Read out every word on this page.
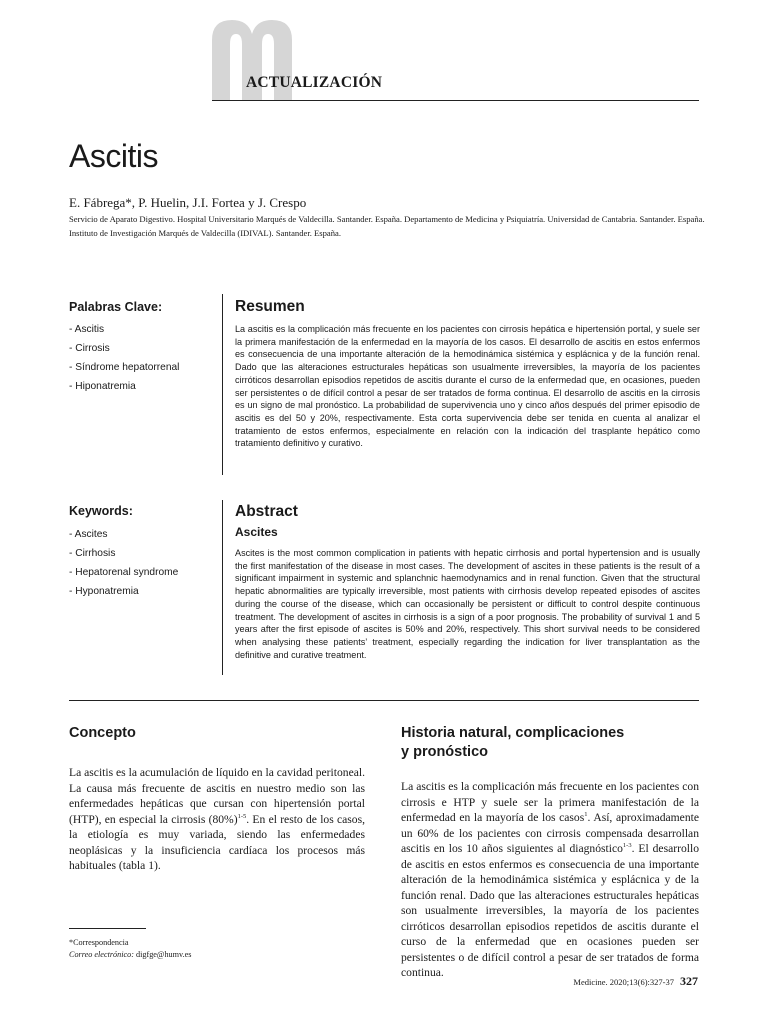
ACTUALIZACIÓN
Ascitis
E. Fábrega*, P. Huelin, J.I. Fortea y J. Crespo
Servicio de Aparato Digestivo. Hospital Universitario Marqués de Valdecilla. Santander. España. Departamento de Medicina y Psiquiatría. Universidad de Cantabria. Santander. España. Instituto de Investigación Marqués de Valdecilla (IDIVAL). Santander. España.
Palabras Clave:
- Ascitis
- Cirrosis
- Síndrome hepatorrenal
- Hiponatremia
Resumen

La ascitis es la complicación más frecuente en los pacientes con cirrosis hepática e hipertensión portal, y suele ser la primera manifestación de la enfermedad en la mayoría de los casos. El desarrollo de ascitis en estos enfermos es consecuencia de una importante alteración de la hemodinámica sistémica y esplácnica y de la función renal. Dado que las alteraciones estructurales hepáticas son usualmente irreversibles, la mayoría de los pacientes cirróticos desarrollan episodios repetidos de ascitis durante el curso de la enfermedad que, en ocasiones, pueden ser persistentes o de difícil control a pesar de ser tratados de forma continua. El desarrollo de ascitis en la cirrosis es un signo de mal pronóstico. La probabilidad de supervivencia uno y cinco años después del primer episodio de ascitis es del 50 y 20%, respectivamente. Esta corta supervivencia debe ser tenida en cuenta al analizar el tratamiento de estos enfermos, especialmente en relación con la indicación del trasplante hepático como tratamiento definitivo y curativo.

Keywords:
- Ascites
- Cirrhosis
- Hepatorenal syndrome
- Hyponatremia
Abstract
Ascites

Ascites is the most common complication in patients with hepatic cirrhosis and portal hypertension and is usually the first manifestation of the disease in most cases. The development of ascites in these patients is the result of a significant impairment in systemic and splanchnic haemodynamics and in renal function. Given that the structural hepatic abnormalities are typically irreversible, most patients with cirrhosis develop repeated episodes of ascites during the course of the disease, which can occasionally be persistent or difficult to control despite continuous treatment. The development of ascites in cirrhosis is a sign of a poor prognosis. The probability of survival 1 and 5 years after the first episode of ascites is 50% and 20%, respectively. This short survival needs to be considered when analysing these patients’ treatment, especially regarding the indication for liver transplantation as the definitive and curative treatment.

Concepto

La ascitis es la acumulación de líquido en la cavidad peritoneal. La causa más frecuente de ascitis en nuestro medio son las enfermedades hepáticas que cursan con hipertensión portal (HTP), en especial la cirrosis $(80\%)^{1-5}$. En el resto de los casos, la etiología es muy variada, siendo las enfermedades neoplásicas y la insuficiencia cardíaca los procesos más habituales (tabla 1).

Historia natural, complicaciones
y pronóstico

La ascitis es la complicación más frecuente en los pacientes con cirrosis e HTP y suele ser la primera manifestación de la enfermedad en la mayoría de los casos$^1$. Así, aproximadamente un 60% de los pacientes con cirrosis compensada desarrollan ascitis en los 10 años siguientes al diagnóstico$^{1-3}$. El desarrollo de ascitis en estos enfermos es consecuencia de una importante alteración de la hemodinámica sistémica y esplácnica y de la función renal. Dado que las alteraciones estructurales hepáticas son usualmente irreversibles, la mayoría de los pacientes cirróticos desarrollan episodios repetidos de ascitis durante el curso de la enfermedad que en ocasiones pueden ser persistentes o de difícil control a pesar de ser tratados de forma continua.

*Correspondencia
Correo electrónico: digfge@humv.es
Medicine. 2020;13(6):327-37 327
